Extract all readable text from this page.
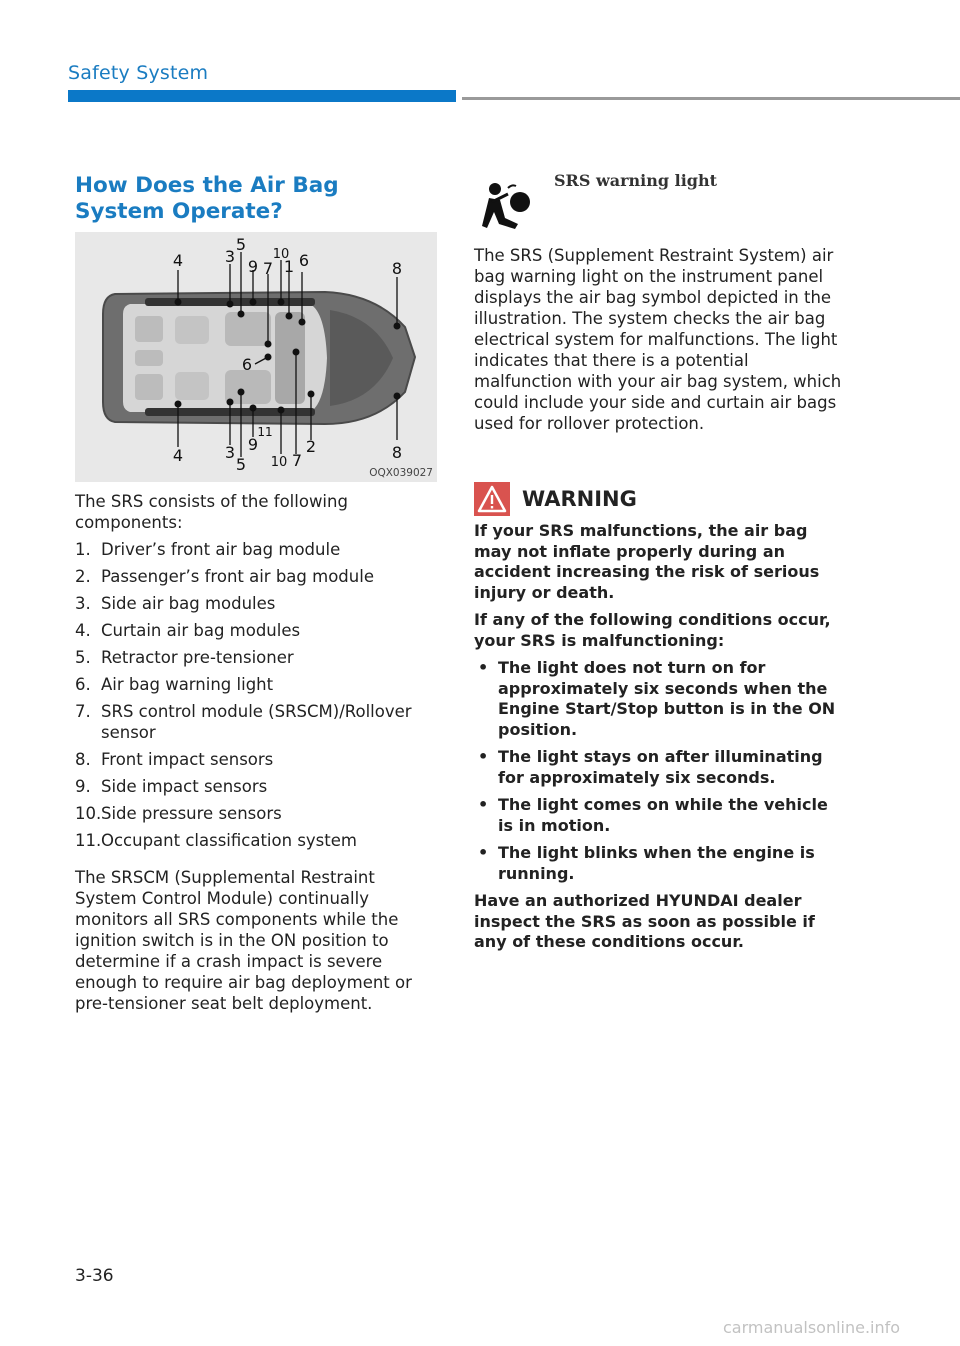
Safety System
How Does the Air Bag System Operate?
4	3
5
9 7
10
1 6	8
6
4	3
5
9
11
10 7
2	8
OQX039027

The SRS consists of the following components:

1. Driver’s front air bag module
2. Passenger’s front air bag module
3. Side air bag modules
4. Curtain air bag modules
5. Retractor pre-tensioner
6. Air bag warning light
7. SRS control module (SRSCM)/Rollover sensor
8. Front impact sensors
9. Side impact sensors
10. Side pressure sensors
11. Occupant classification system

The SRSCM (Supplemental Restraint System Control Module) continually monitors all SRS components while the ignition switch is in the ON position to determine if a crash impact is severe enough to require air bag deployment or pre-tensioner seat belt deployment.

SRS warning light

The SRS (Supplement Restraint System) air bag warning light on the instrument panel displays the air bag symbol depicted in the illustration. The system checks the air bag electrical system for malfunctions. The light indicates that there is a potential malfunction with your air bag system, which could include your side and curtain air bags used for rollover protection.

WARNING

If your SRS malfunctions, the air bag may not inflate properly during an accident increasing the risk of serious injury or death.

If any of the following conditions occur, your SRS is malfunctioning:

• The light does not turn on for approximately six seconds when the Engine Start/Stop button is in the ON position.
• The light stays on after illuminating for approximately six seconds.
• The light comes on while the vehicle is in motion.
• The light blinks when the engine is running.

Have an authorized HYUNDAI dealer inspect the SRS as soon as possible if any of these conditions occur.

3-36
carmanualsonline.info
